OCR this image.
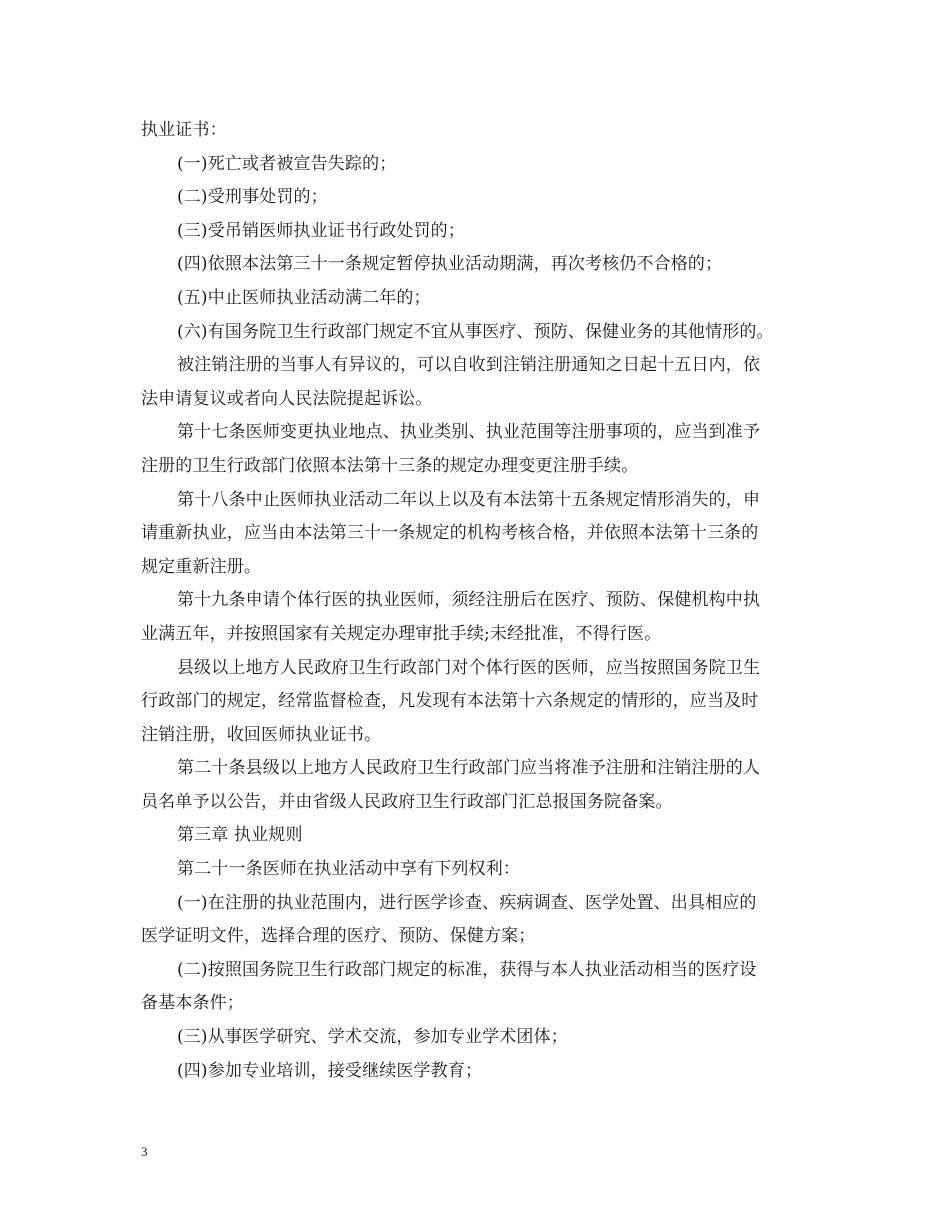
执业证书：
(一)死亡或者被宣告失踪的；
(二)受刑事处罚的；
(三)受吊销医师执业证书行政处罚的；
(四)依照本法第三十一条规定暂停执业活动期满，再次考核仍不合格的；
(五)中止医师执业活动满二年的；
(六)有国务院卫生行政部门规定不宜从事医疗、预防、保健业务的其他情形的。
被注销注册的当事人有异议的，可以自收到注销注册通知之日起十五日内，依
法申请复议或者向人民法院提起诉讼。
第十七条医师变更执业地点、执业类别、执业范围等注册事项的，应当到准予
注册的卫生行政部门依照本法第十三条的规定办理变更注册手续。
第十八条中止医师执业活动二年以上以及有本法第十五条规定情形消失的，申
请重新执业，应当由本法第三十一条规定的机构考核合格，并依照本法第十三条的
规定重新注册。
第十九条申请个体行医的执业医师，须经注册后在医疗、预防、保健机构中执
业满五年，并按照国家有关规定办理审批手续;未经批准，不得行医。
县级以上地方人民政府卫生行政部门对个体行医的医师，应当按照国务院卫生
行政部门的规定，经常监督检查，凡发现有本法第十六条规定的情形的，应当及时
注销注册，收回医师执业证书。
第二十条县级以上地方人民政府卫生行政部门应当将准予注册和注销注册的人
员名单予以公告，并由省级人民政府卫生行政部门汇总报国务院备案。
第三章 执业规则
第二十一条医师在执业活动中享有下列权利：
(一)在注册的执业范围内，进行医学诊查、疾病调查、医学处置、出具相应的
医学证明文件，选择合理的医疗、预防、保健方案；
(二)按照国务院卫生行政部门规定的标准，获得与本人执业活动相当的医疗设
备基本条件；
(三)从事医学研究、学术交流，参加专业学术团体；
(四)参加专业培训，接受继续医学教育；
3
